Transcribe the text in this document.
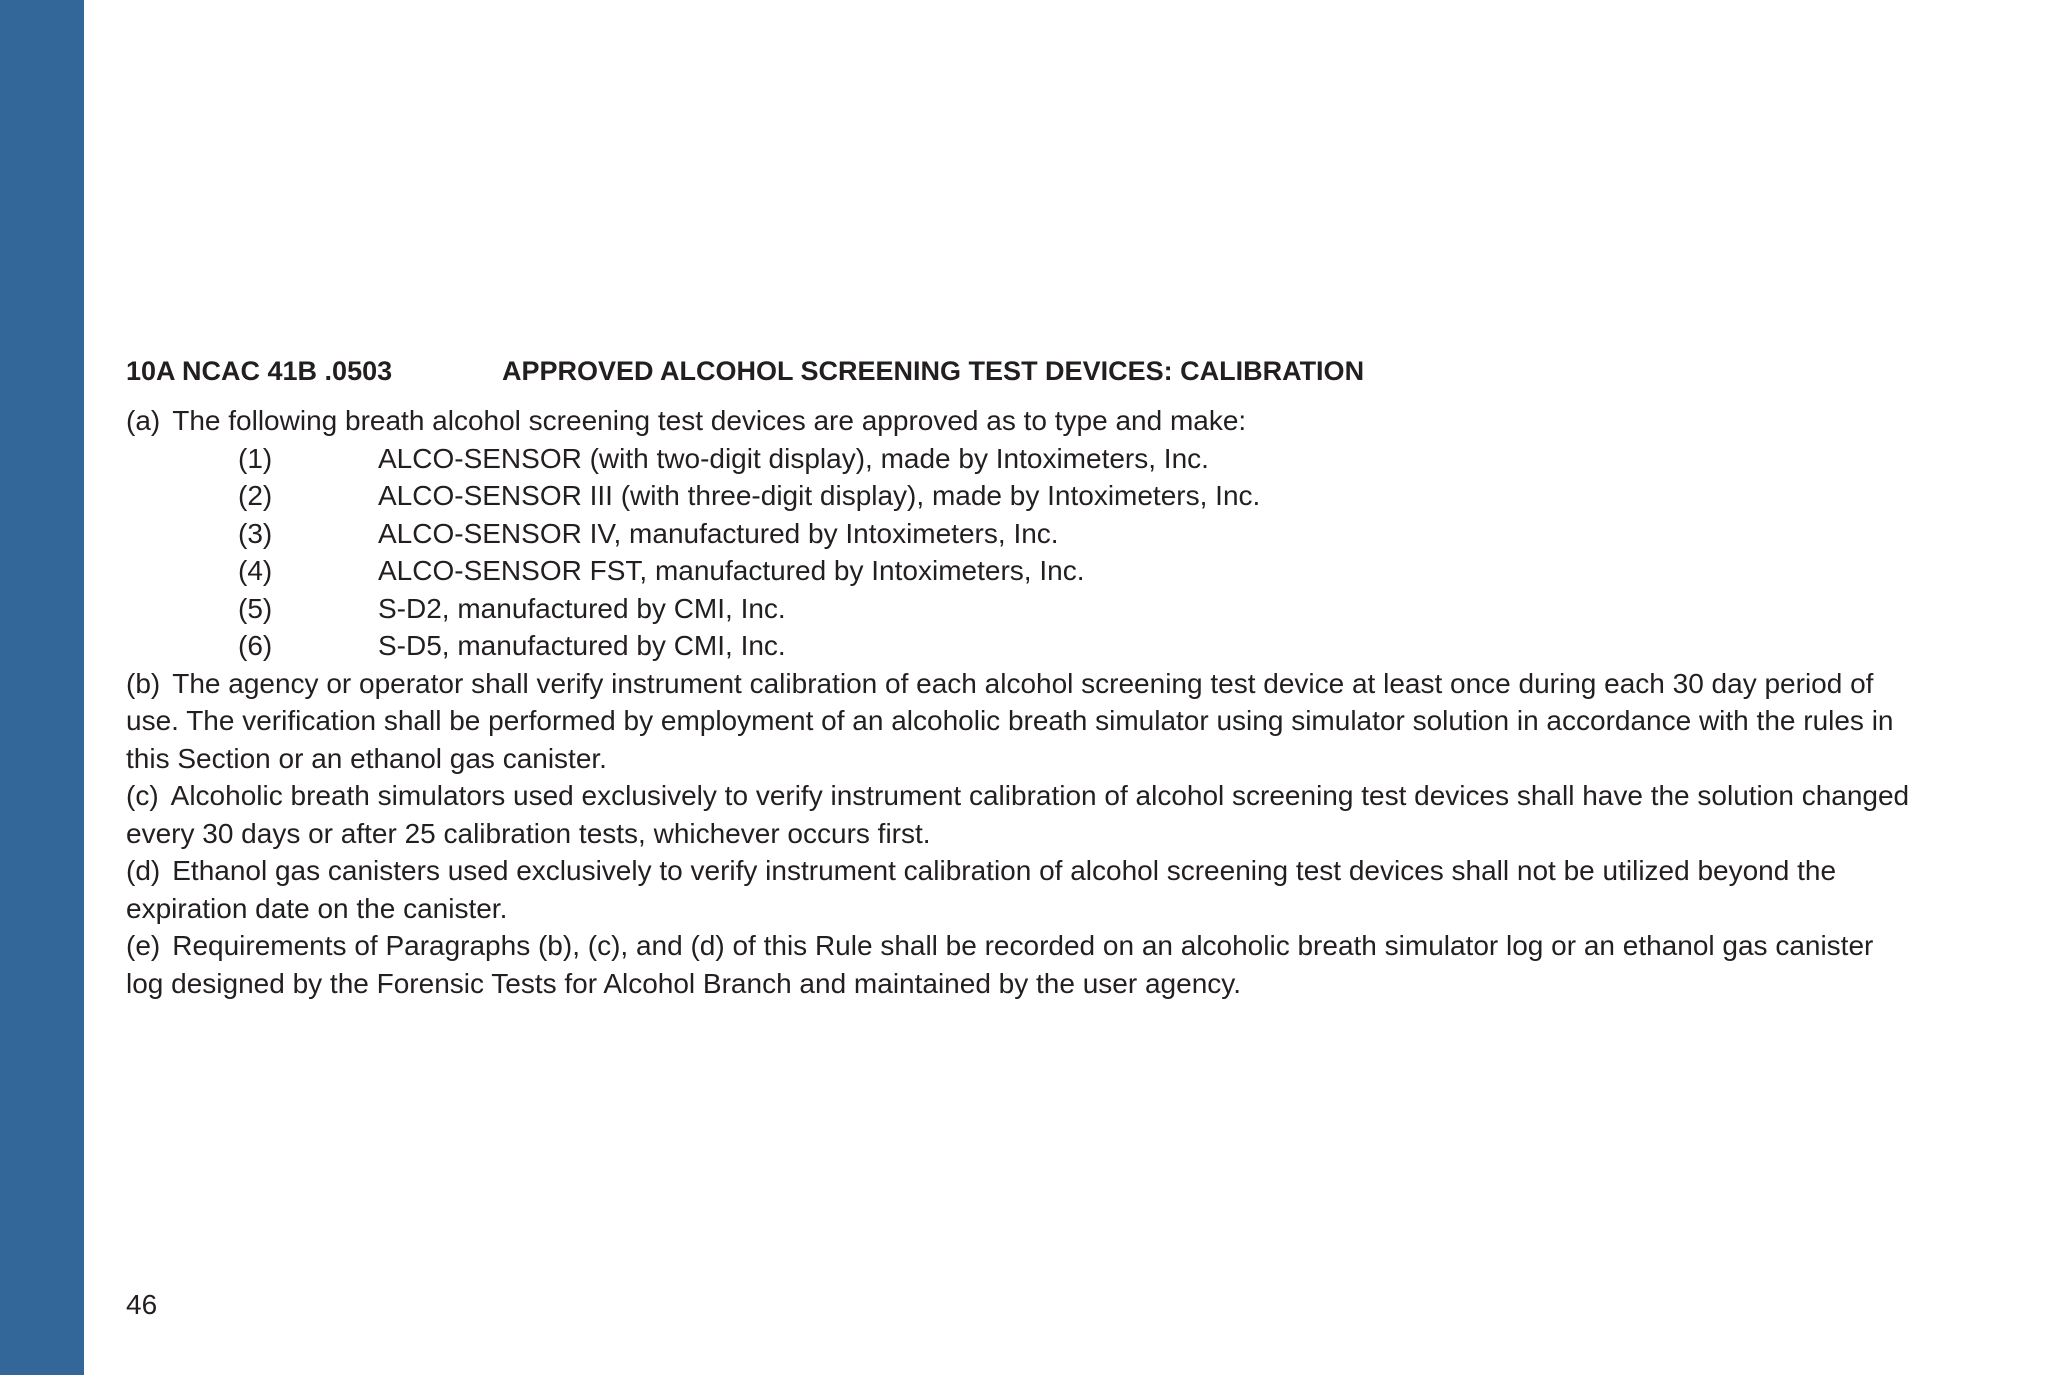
10A NCAC 41B .0503	APPROVED ALCOHOL SCREENING TEST DEVICES: CALIBRATION
(a) The following breath alcohol screening test devices are approved as to type and make:
(1)	ALCO-SENSOR (with two-digit display), made by Intoximeters, Inc.
(2)	ALCO-SENSOR III (with three-digit display), made by Intoximeters, Inc.
(3)	ALCO-SENSOR IV, manufactured by Intoximeters, Inc.
(4)	ALCO-SENSOR FST, manufactured by Intoximeters, Inc.
(5)	S-D2, manufactured by CMI, Inc.
(6)	S-D5, manufactured by CMI, Inc.
(b) The agency or operator shall verify instrument calibration of each alcohol screening test device at least once during each 30 day period of use. The verification shall be performed by employment of an alcoholic breath simulator using simulator solution in accordance with the rules in this Section or an ethanol gas canister.
(c) Alcoholic breath simulators used exclusively to verify instrument calibration of alcohol screening test devices shall have the solution changed every 30 days or after 25 calibration tests, whichever occurs first.
(d) Ethanol gas canisters used exclusively to verify instrument calibration of alcohol screening test devices shall not be utilized beyond the expiration date on the canister.
(e) Requirements of Paragraphs (b), (c), and (d) of this Rule shall be recorded on an alcoholic breath simulator log or an ethanol gas canister log designed by the Forensic Tests for Alcohol Branch and maintained by the user agency.
46
